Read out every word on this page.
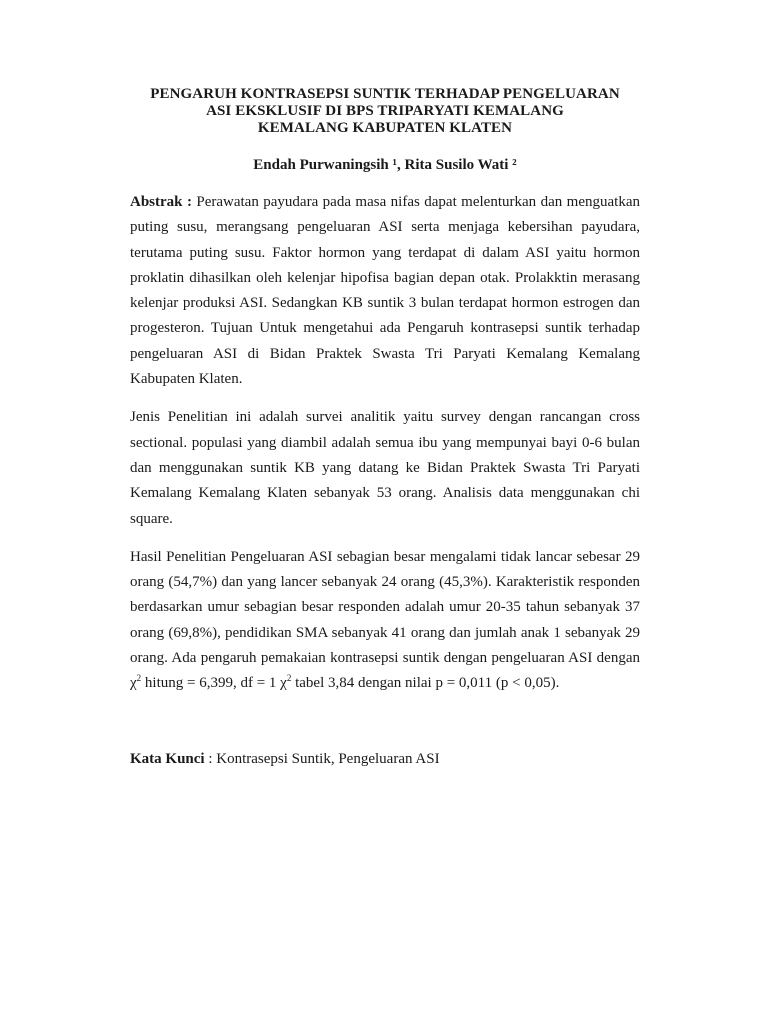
PENGARUH KONTRASEPSI SUNTIK TERHADAP PENGELUARAN
ASI EKSKLUSIF DI BPS TRIPARYATI KEMALANG
KEMALANG KABUPATEN KLATEN
Endah Purwaningsih ¹, Rita Susilo Wati ²

Abstrak : Perawatan payudara pada masa nifas dapat melenturkan dan menguatkan puting susu, merangsang pengeluaran ASI serta menjaga kebersihan payudara, terutama puting susu. Faktor hormon yang terdapat di dalam ASI yaitu hormon proklatin dihasilkan oleh kelenjar hipofisa bagian depan otak. Prolakktin merasang kelenjar produksi ASI. Sedangkan KB suntik 3 bulan terdapat hormon estrogen dan progesteron. Tujuan Untuk mengetahui ada Pengaruh kontrasepsi suntik terhadap pengeluaran ASI di Bidan Praktek Swasta Tri Paryati Kemalang Kemalang Kabupaten Klaten.

Jenis Penelitian ini adalah survei analitik yaitu survey dengan rancangan cross sectional. populasi yang diambil adalah semua ibu yang mempunyai bayi 0-6 bulan dan menggunakan suntik KB yang datang ke Bidan Praktek Swasta Tri Paryati Kemalang Kemalang Klaten sebanyak 53 orang. Analisis data menggunakan chi square.

Hasil Penelitian Pengeluaran ASI sebagian besar mengalami tidak lancar sebesar 29 orang (54,7%) dan yang lancer sebanyak 24 orang (45,3%). Karakteristik responden berdasarkan umur sebagian besar responden adalah umur 20-35 tahun sebanyak 37 orang (69,8%), pendidikan SMA sebanyak 41 orang dan jumlah anak 1 sebanyak 29 orang. Ada pengaruh pemakaian kontrasepsi suntik dengan pengeluaran ASI dengan $\chi^2$ hitung = 6,399, df = 1 $\chi^2$ tabel 3,84 dengan nilai p = 0,011 (p < 0,05).

Kata Kunci : Kontrasepsi Suntik, Pengeluaran ASI
